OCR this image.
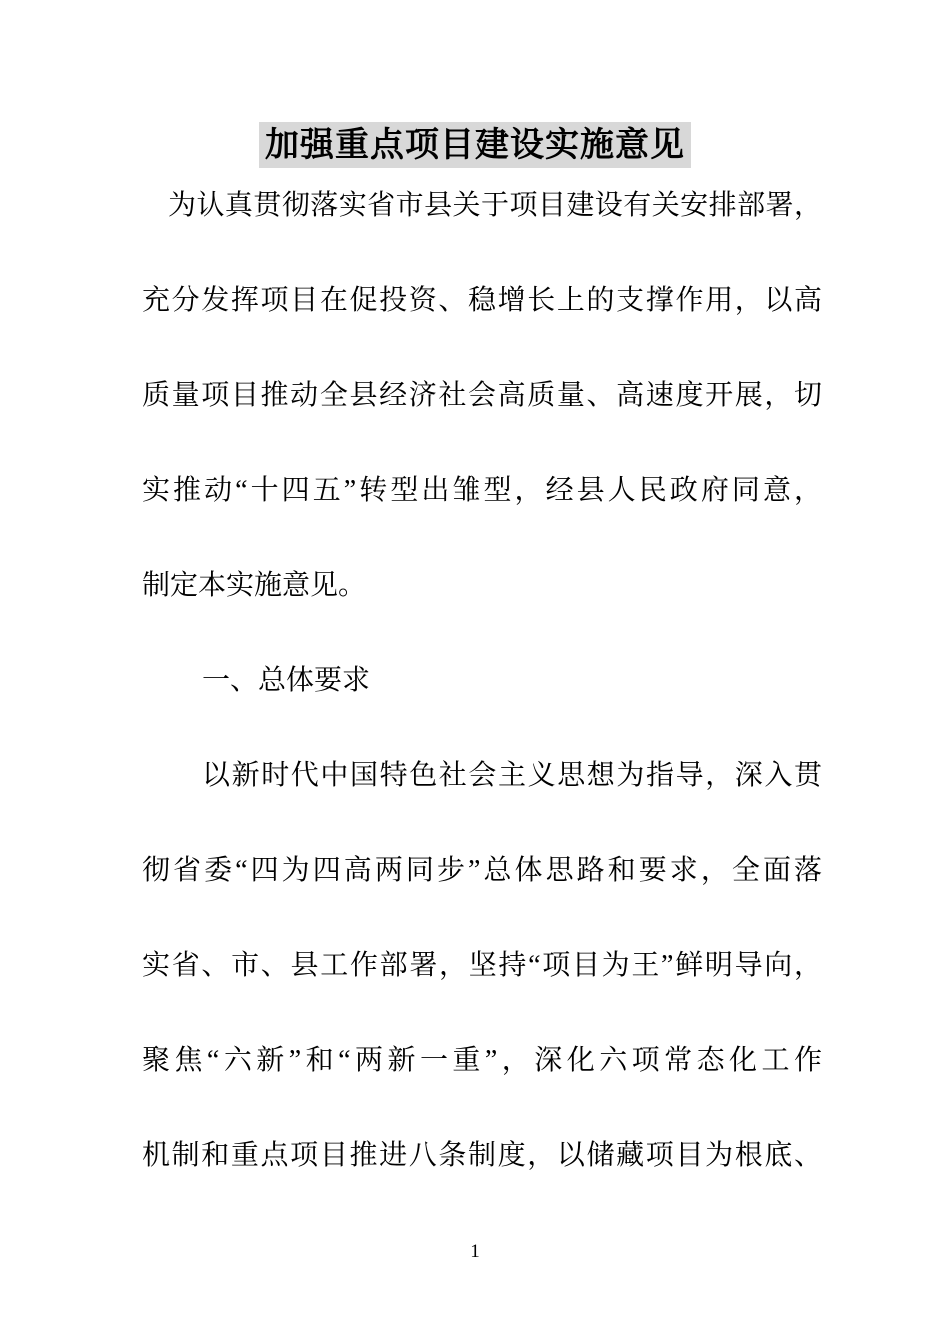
加强重点项目建设实施意见
为认真贯彻落实省市县关于项目建设有关安排部署，
充分发挥项目在促投资、稳增长上的支撑作用，以高
质量项目推动全县经济社会高质量、高速度开展，切
实推动“十四五”转型出雏型，经县人民政府同意，
制定本实施意见。
一、总体要求
以新时代中国特色社会主义思想为指导，深入贯
彻省委“四为四高两同步”总体思路和要求，全面落
实省、市、县工作部署，坚持“项目为王”鲜明导向，
聚焦“六新”和“两新一重”，深化六项常态化工作
机制和重点项目推进八条制度，以储藏项目为根底、
1
